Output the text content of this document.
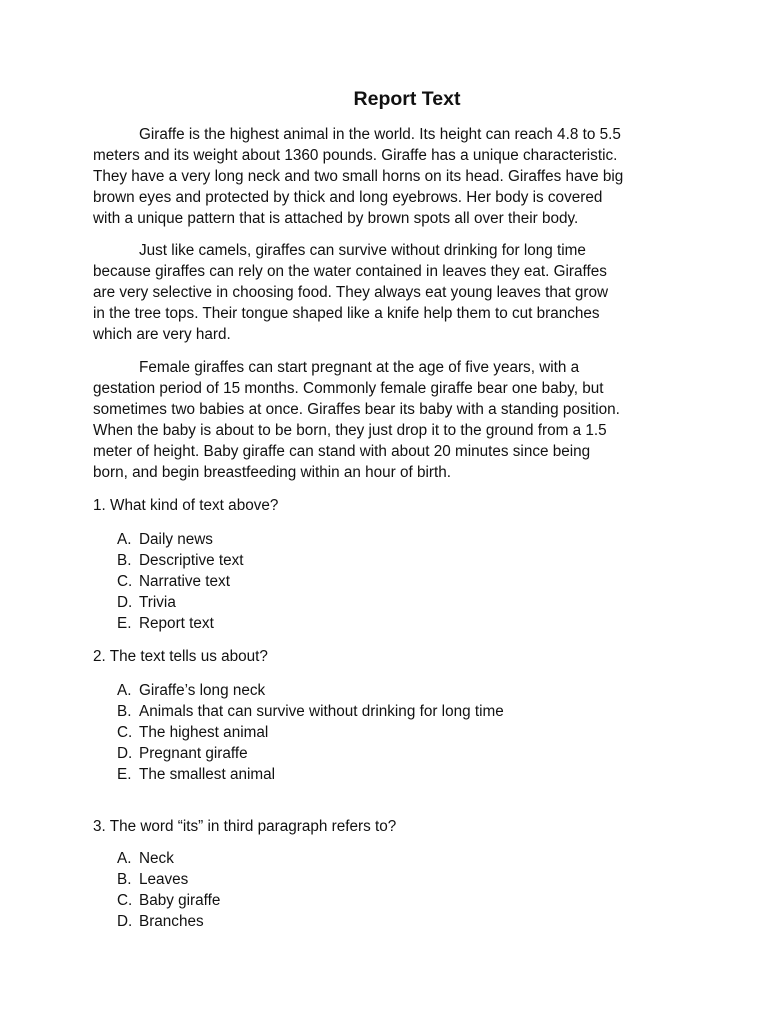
Report Text

Giraffe is the highest animal in the world. Its height can reach 4.8 to 5.5
meters and its weight about 1360 pounds. Giraffe has a unique characteristic.
They have a very long neck and two small horns on its head. Giraffes have big
brown eyes and protected by thick and long eyebrows. Her body is covered
with a unique pattern that is attached by brown spots all over their body.

Just like camels, giraffes can survive without drinking for long time
because giraffes can rely on the water contained in leaves they eat. Giraffes
are very selective in choosing food. They always eat young leaves that grow
in the tree tops. Their tongue shaped like a knife help them to cut branches
which are very hard.

Female giraffes can start pregnant at the age of five years, with a
gestation period of 15 months. Commonly female giraffe bear one baby, but
sometimes two babies at once. Giraffes bear its baby with a standing position.
When the baby is about to be born, they just drop it to the ground from a 1.5
meter of height. Baby giraffe can stand with about 20 minutes since being
born, and begin breastfeeding within an hour of birth.

1. What kind of text above?

A. Daily news
B. Descriptive text
C. Narrative text
D. Trivia
E. Report text

2. The text tells us about?

A. Giraffe’s long neck
B. Animals that can survive without drinking for long time
C. The highest animal
D. Pregnant giraffe
E. The smallest animal

3. The word “its” in third paragraph refers to?

A. Neck
B. Leaves
C. Baby giraffe
D. Branches
